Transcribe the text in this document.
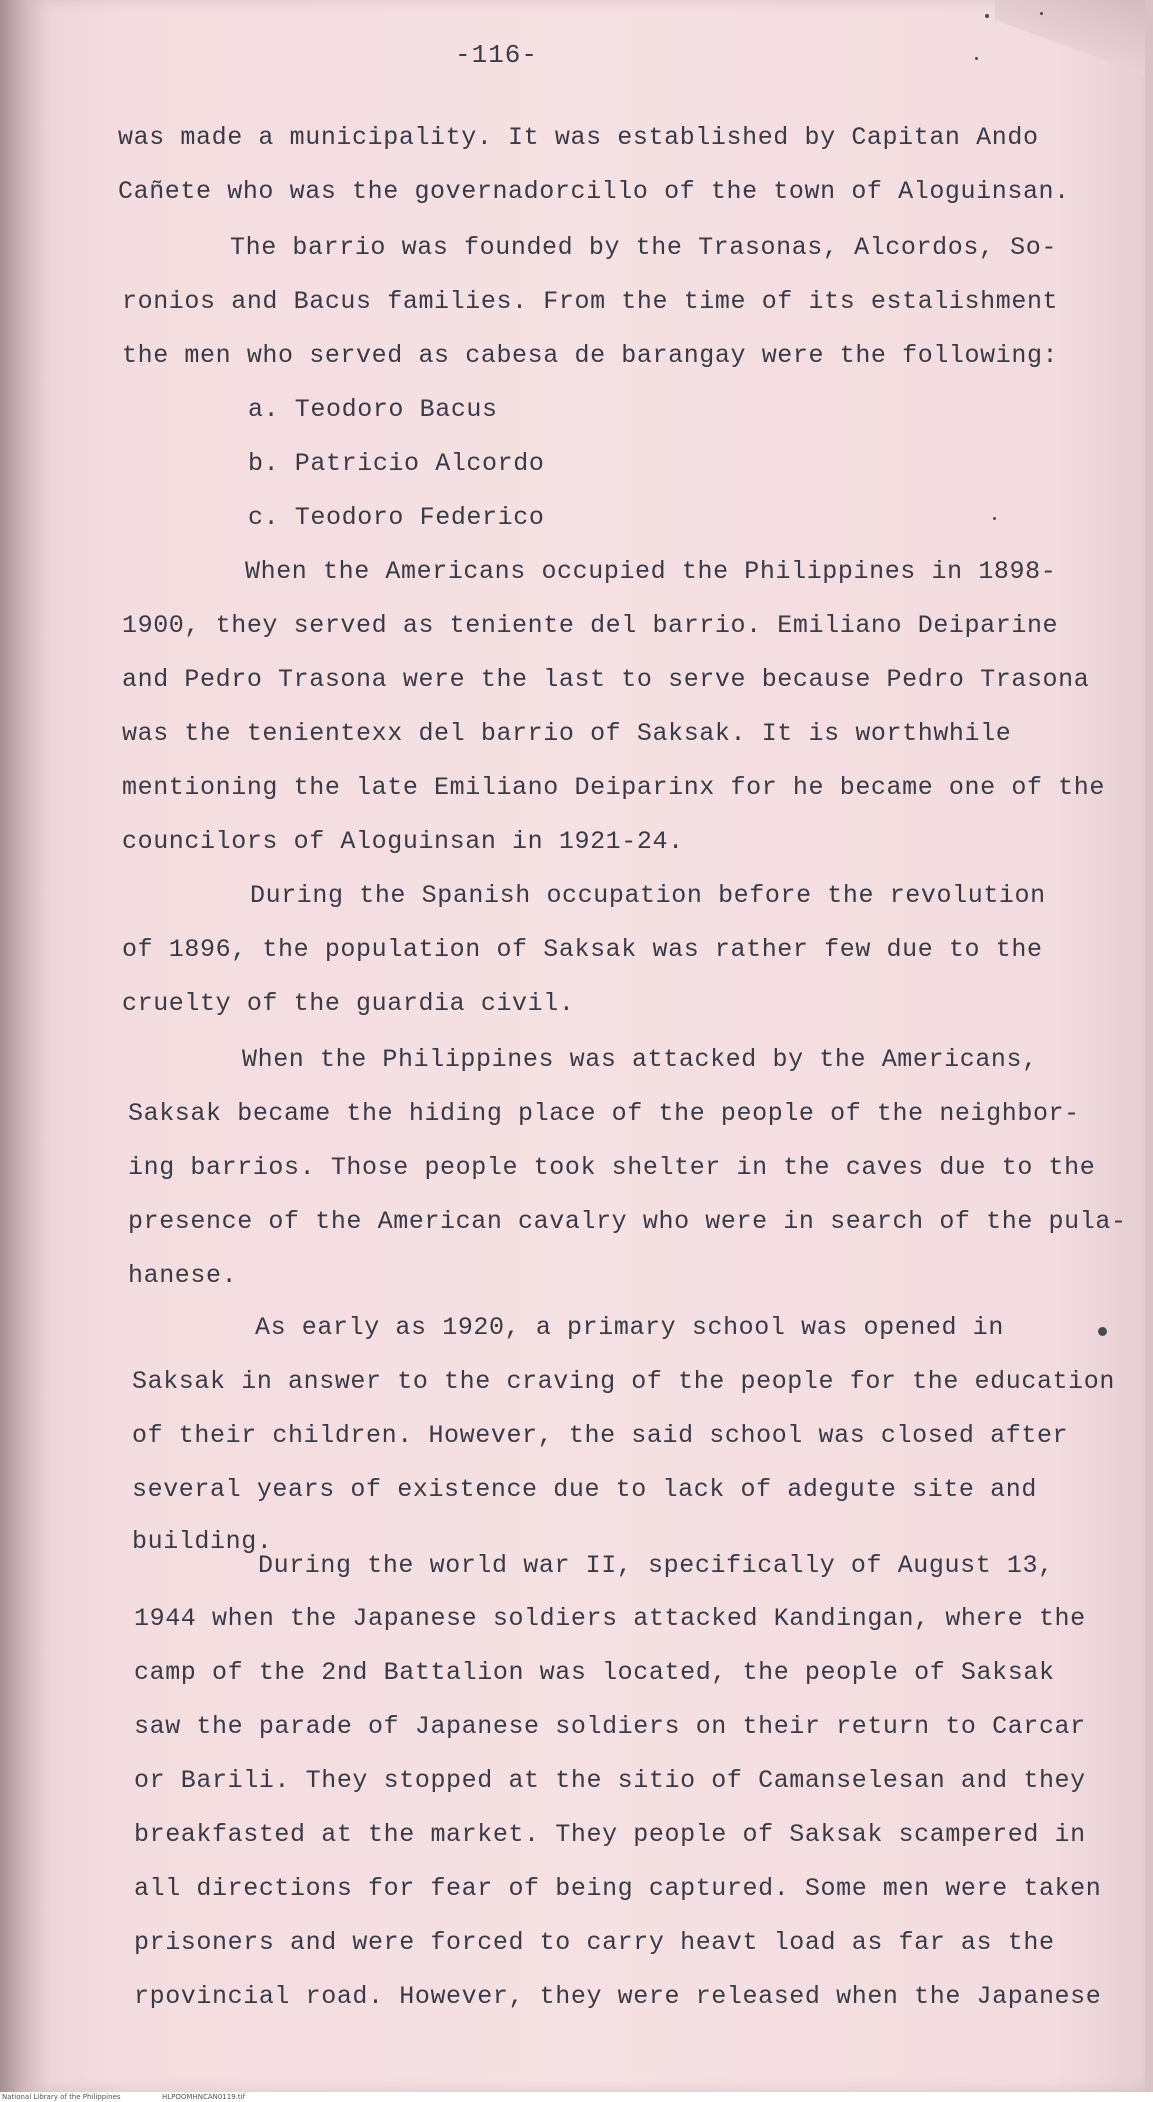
-116-
was made a municipality. It was established by Capitan Ando
Cañete who was the governadorcillo of the town of Aloguinsan.
The barrio was founded by the Trasonas, Alcordos, So-
ronios and Bacus families. From the time of its estalishment
the men who served as cabesa de barangay were the following:
a. Teodoro Bacus
b. Patricio Alcordo
c. Teodoro Federico
When the Americans occupied the Philippines in 1898-
1900, they served as teniente del barrio. Emiliano Deiparine
and Pedro Trasona were the last to serve because Pedro Trasona
was the tenientexx del barrio of Saksak. It is worthwhile
mentioning the late Emiliano Deiparinx for he became one of the
councilors of Aloguinsan in 1921-24.
During the Spanish occupation before the revolution
of 1896, the population of Saksak was rather few due to the
cruelty of the guardia civil.
When the Philippines was attacked by the Americans,
Saksak became the hiding place of the people of the neighbor-
ing barrios. Those people took shelter in the caves due to the
presence of the American cavalry who were in search of the pula-
hanese.
As early as 1920, a primary school was opened in
Saksak in answer to the craving of the people for the education
of their children. However, the said school was closed after
several years of existence due to lack of adegute site and
building.
During the world war II, specifically of August 13,
1944 when the Japanese soldiers attacked Kandingan, where the
camp of the 2nd Battalion was located, the people of Saksak
saw the parade of Japanese soldiers on their return to Carcar
or Barili. They stopped at the sitio of Camanselesan and they
breakfasted at the market. They people of Saksak scampered in
all directions for fear of being captured. Some men were taken
prisoners and were forced to carry heavt load as far as the
rpovincial road. However, they were released when the Japanese
National Library of the Philippines	HLPOOMHNCAN0119.tif
